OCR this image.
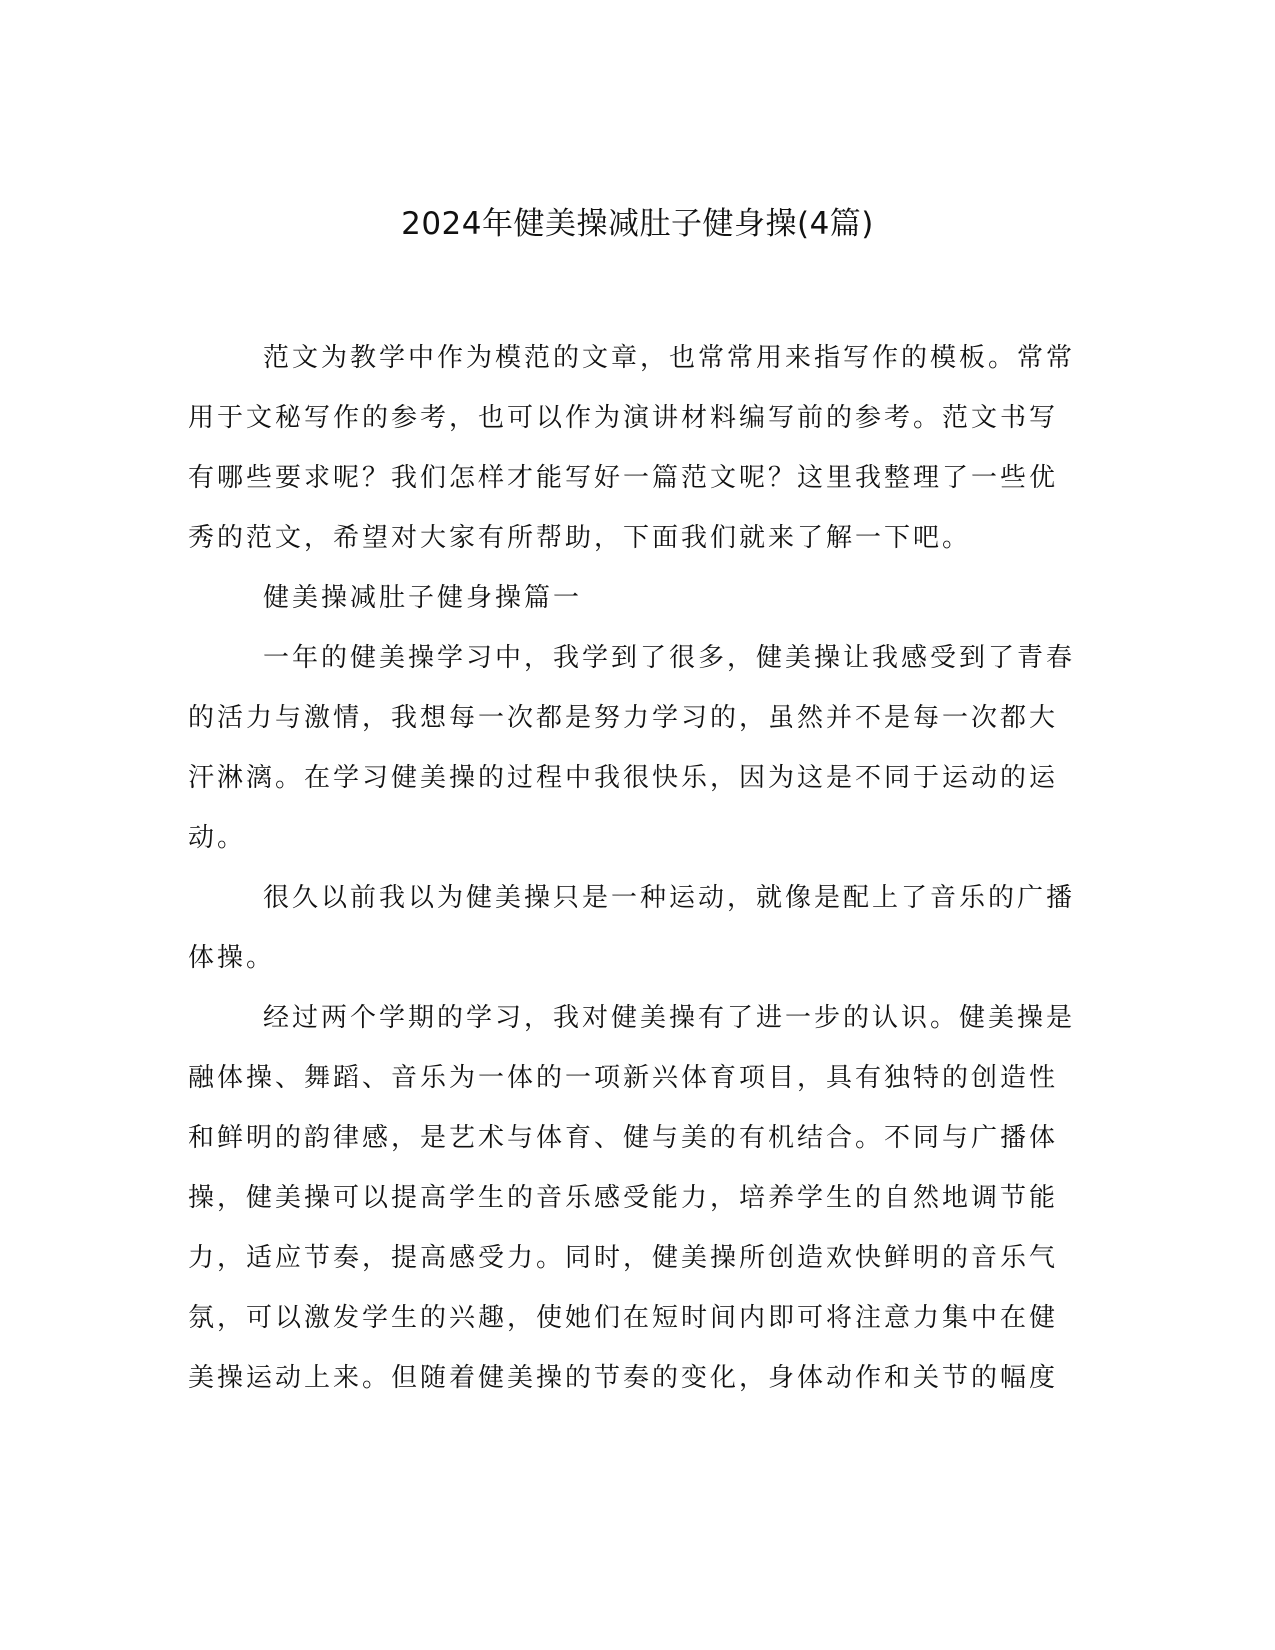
2024年健美操减肚子健身操(4篇)
范文为教学中作为模范的文章，也常常用来指写作的模板。常常
用于文秘写作的参考，也可以作为演讲材料编写前的参考。范文书写
有哪些要求呢？我们怎样才能写好一篇范文呢？这里我整理了一些优
秀的范文，希望对大家有所帮助，下面我们就来了解一下吧。
健美操减肚子健身操篇一
一年的健美操学习中，我学到了很多，健美操让我感受到了青春
的活力与激情，我想每一次都是努力学习的，虽然并不是每一次都大
汗淋漓。在学习健美操的过程中我很快乐，因为这是不同于运动的运
动。
很久以前我以为健美操只是一种运动，就像是配上了音乐的广播
体操。
经过两个学期的学习，我对健美操有了进一步的认识。健美操是
融体操、舞蹈、音乐为一体的一项新兴体育项目，具有独特的创造性
和鲜明的韵律感，是艺术与体育、健与美的有机结合。不同与广播体
操，健美操可以提高学生的音乐感受能力，培养学生的自然地调节能
力，适应节奏，提高感受力。同时，健美操所创造欢快鲜明的音乐气
氛，可以激发学生的兴趣，使她们在短时间内即可将注意力集中在健
美操运动上来。但随着健美操的节奏的变化，身体动作和关节的幅度
